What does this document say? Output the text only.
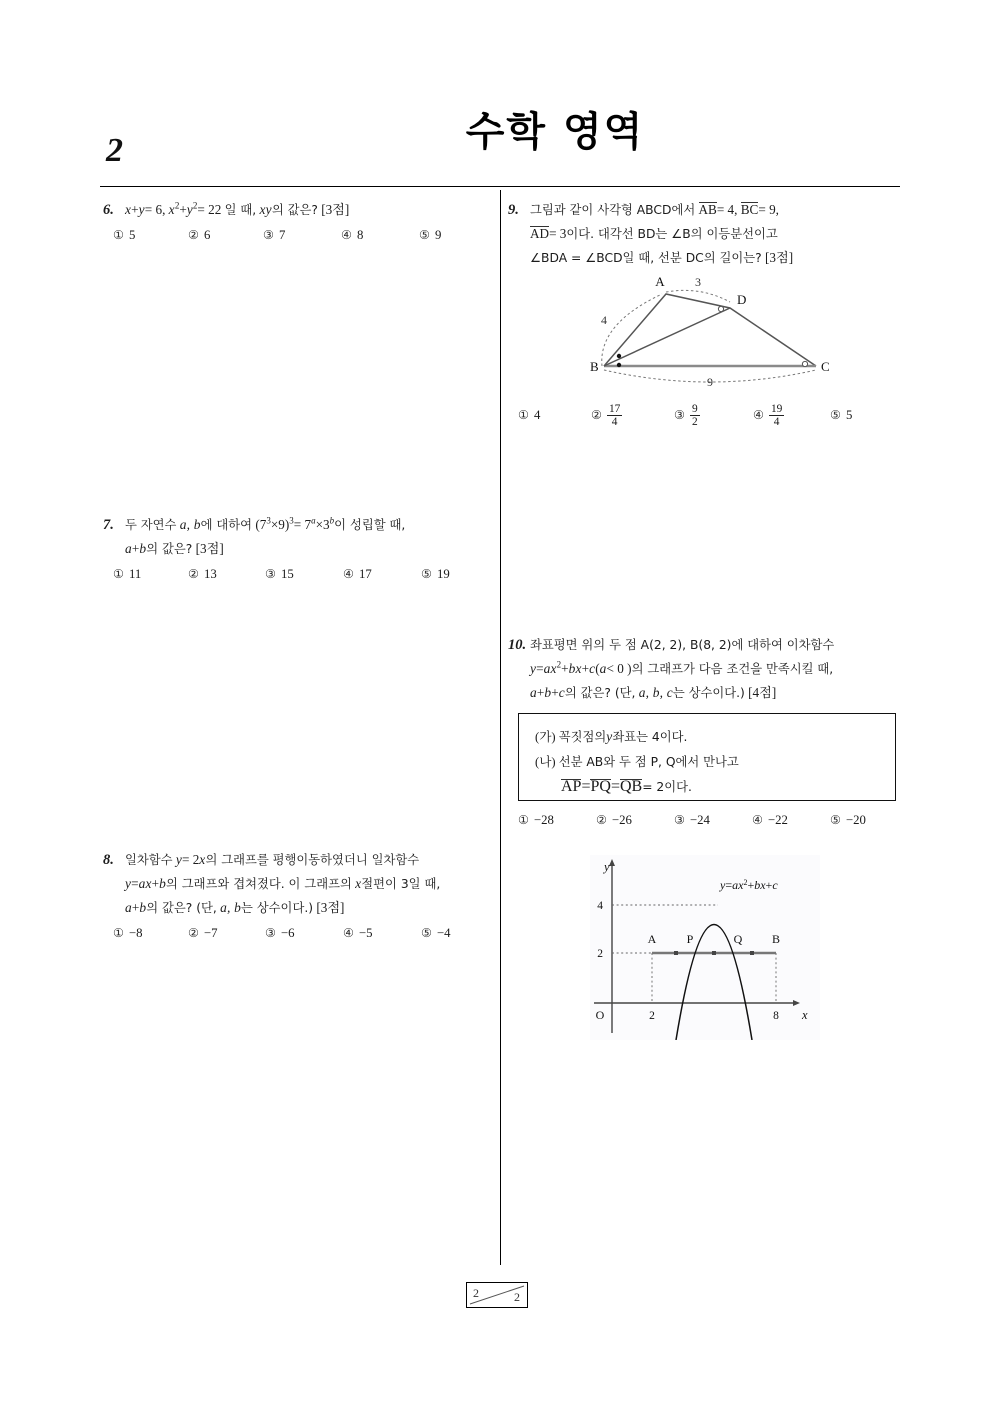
2	수학 영역
6. x+y= 6, $x^2+y^2= 22$ 일 때, xy의 값은? [3점]
① 5	② 6	③ 7	④ 8	⑤ 9
7. 두 자연수 a, b에 대하여 $(7^3\times 9)^3= 7^a\times 3^b$이 성립할 때,
a+b의 값은? [3점]
① 11	② 13	③ 15	④ 17	⑤ 19
8. 일차함수 y= 2x의 그래프를 평행이동하였더니 일차함수
y=ax+b의 그래프와 겹쳐졌다. 이 그래프의 x절편이 3일 때,
a+b의 값은? (단, a, b는 상수이다.) [3점]
① −8	② −7	③ −6	④ −5	⑤ −4
9. 그림과 같이 사각형 ABCD에서 AB= 4, BC= 9,
AD= 3이다. 대각선 BD는 ∠B의 이등분선이고
∠BDA = ∠BCD일 때, 선분 DC의 길이는? [3점]
A
D
B	C
3
4
9
① 4	② $\frac{17}{4}$	③ $\frac{9}{2}$	④ $\frac{19}{4}$	⑤ 5
10. 좌표평면 위의 두 점 A(2, 2), B(8, 2)에 대하여 이차함수
$y=ax^2+bx+c(a< 0$ )의 그래프가 다음 조건을 만족시킬 때,
a+b+c의 값은? (단, a, b, c는 상수이다.) [4점]
(가) 꼭짓점의y좌표는 4이다.
(나) 선분 AB와 두 점 P, Q에서 만나고
AP=PQ=QB= 2이다.
① −28	② −26	③ −24	④ −22	⑤ −20
4
2
2	8
O
y
x
A	P	Q B
$y=ax^2+bx+c$
2	2
